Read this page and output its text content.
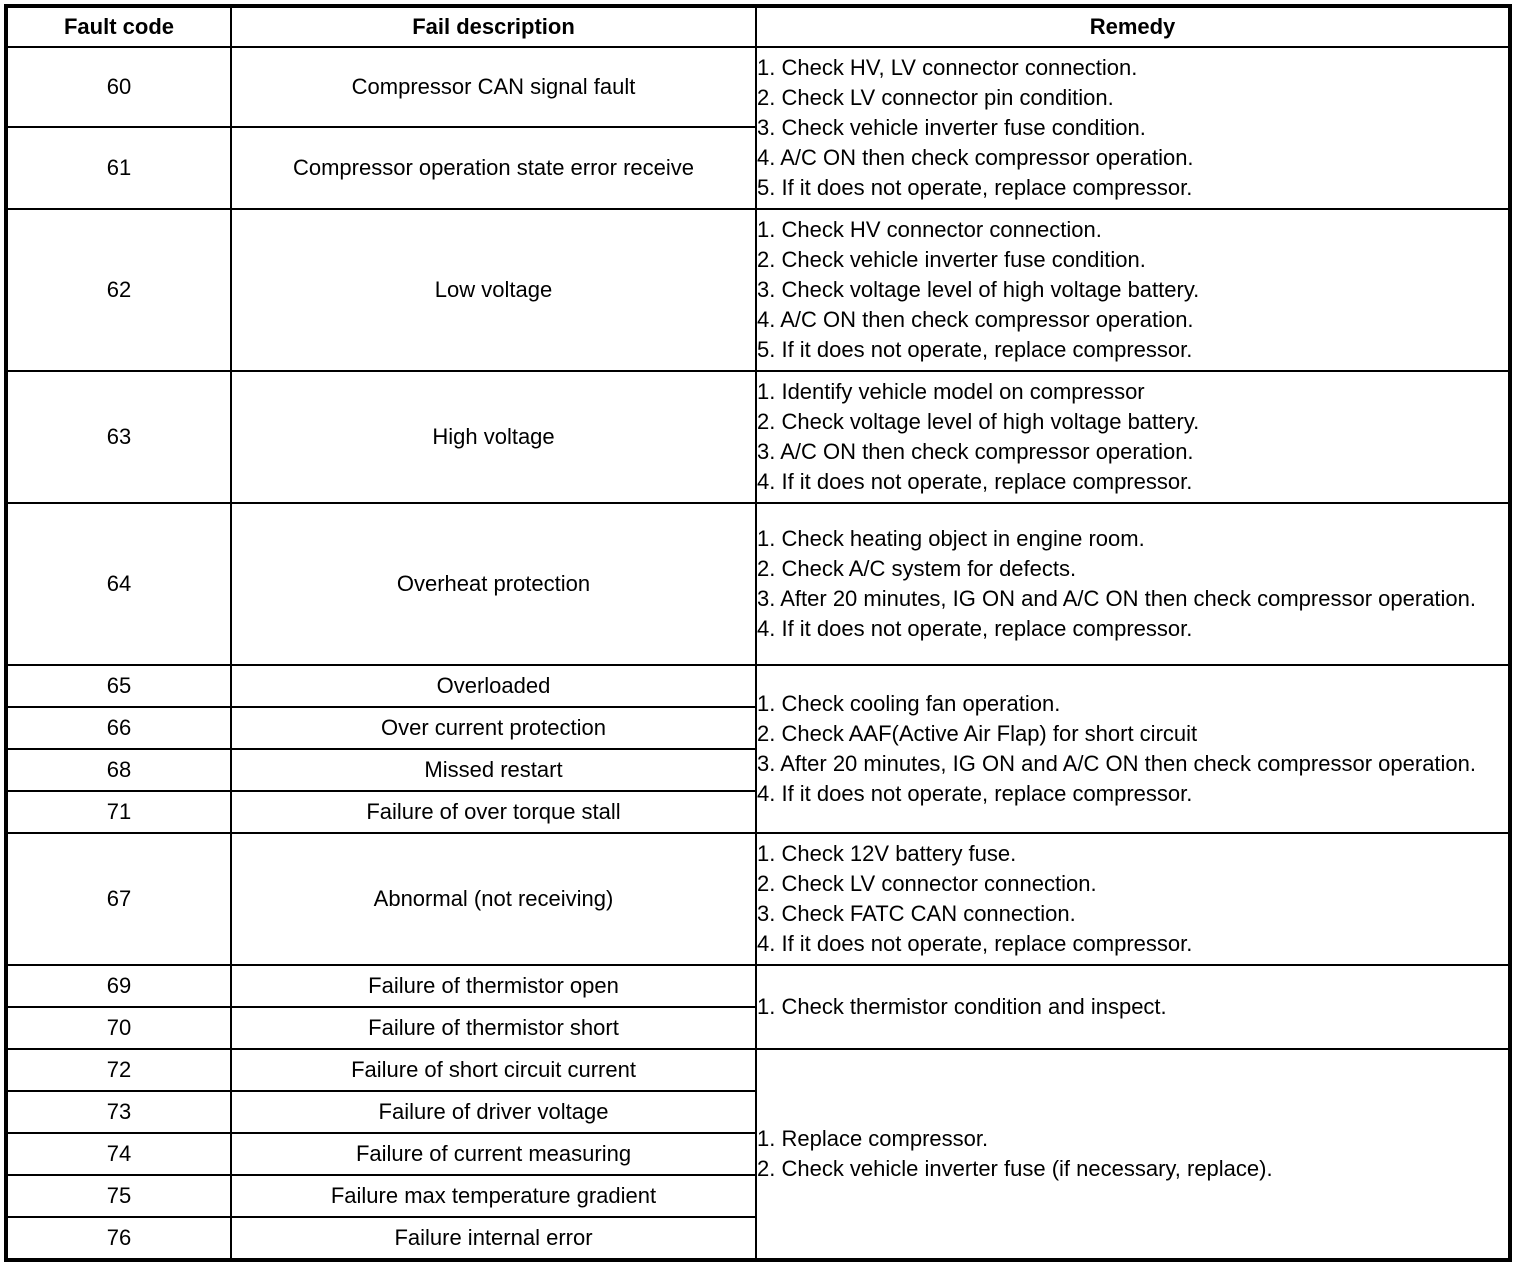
Fault code	Fail description	Remedy
60	Compressor CAN signal fault	1. Check HV, LV connector connection.
2. Check LV connector pin condition.
3. Check vehicle inverter fuse condition.
4. A/C ON then check compressor operation.
5. If it does not operate, replace compressor.

61	Compressor operation state error receive	
62	Low voltage	1. Check HV connector connection.
2. Check vehicle inverter fuse condition.
3. Check voltage level of high voltage battery.
4. A/C ON then check compressor operation.
5. If it does not operate, replace compressor.

63	High voltage	1. Identify vehicle model on compressor
2. Check voltage level of high voltage battery.
3. A/C ON then check compressor operation.
4. If it does not operate, replace compressor.

64	Overheat protection	1. Check heating object in engine room.
2. Check A/C system for defects.
3. After 20 minutes, IG ON and A/C ON then check compressor operation.
4. If it does not operate, replace compressor.

65	Overloaded	1. Check cooling fan operation.
2. Check AAF(Active Air Flap) for short circuit
3. After 20 minutes, IG ON and A/C ON then check compressor operation.
4. If it does not operate, replace compressor.

66	Over current protection	
68	Missed restart	
71	Failure of over torque stall	
67	Abnormal (not receiving)	1. Check 12V battery fuse.
2. Check LV connector connection.
3. Check FATC CAN connection.
4. If it does not operate, replace compressor.

69	Failure of thermistor open	1. Check thermistor condition and inspect.

70	Failure of thermistor short	
72	Failure of short circuit current	1. Replace compressor.
2. Check vehicle inverter fuse (if necessary, replace).

73	Failure of driver voltage	
74	Failure of current measuring	
75	Failure max temperature gradient	
76	Failure internal error	
